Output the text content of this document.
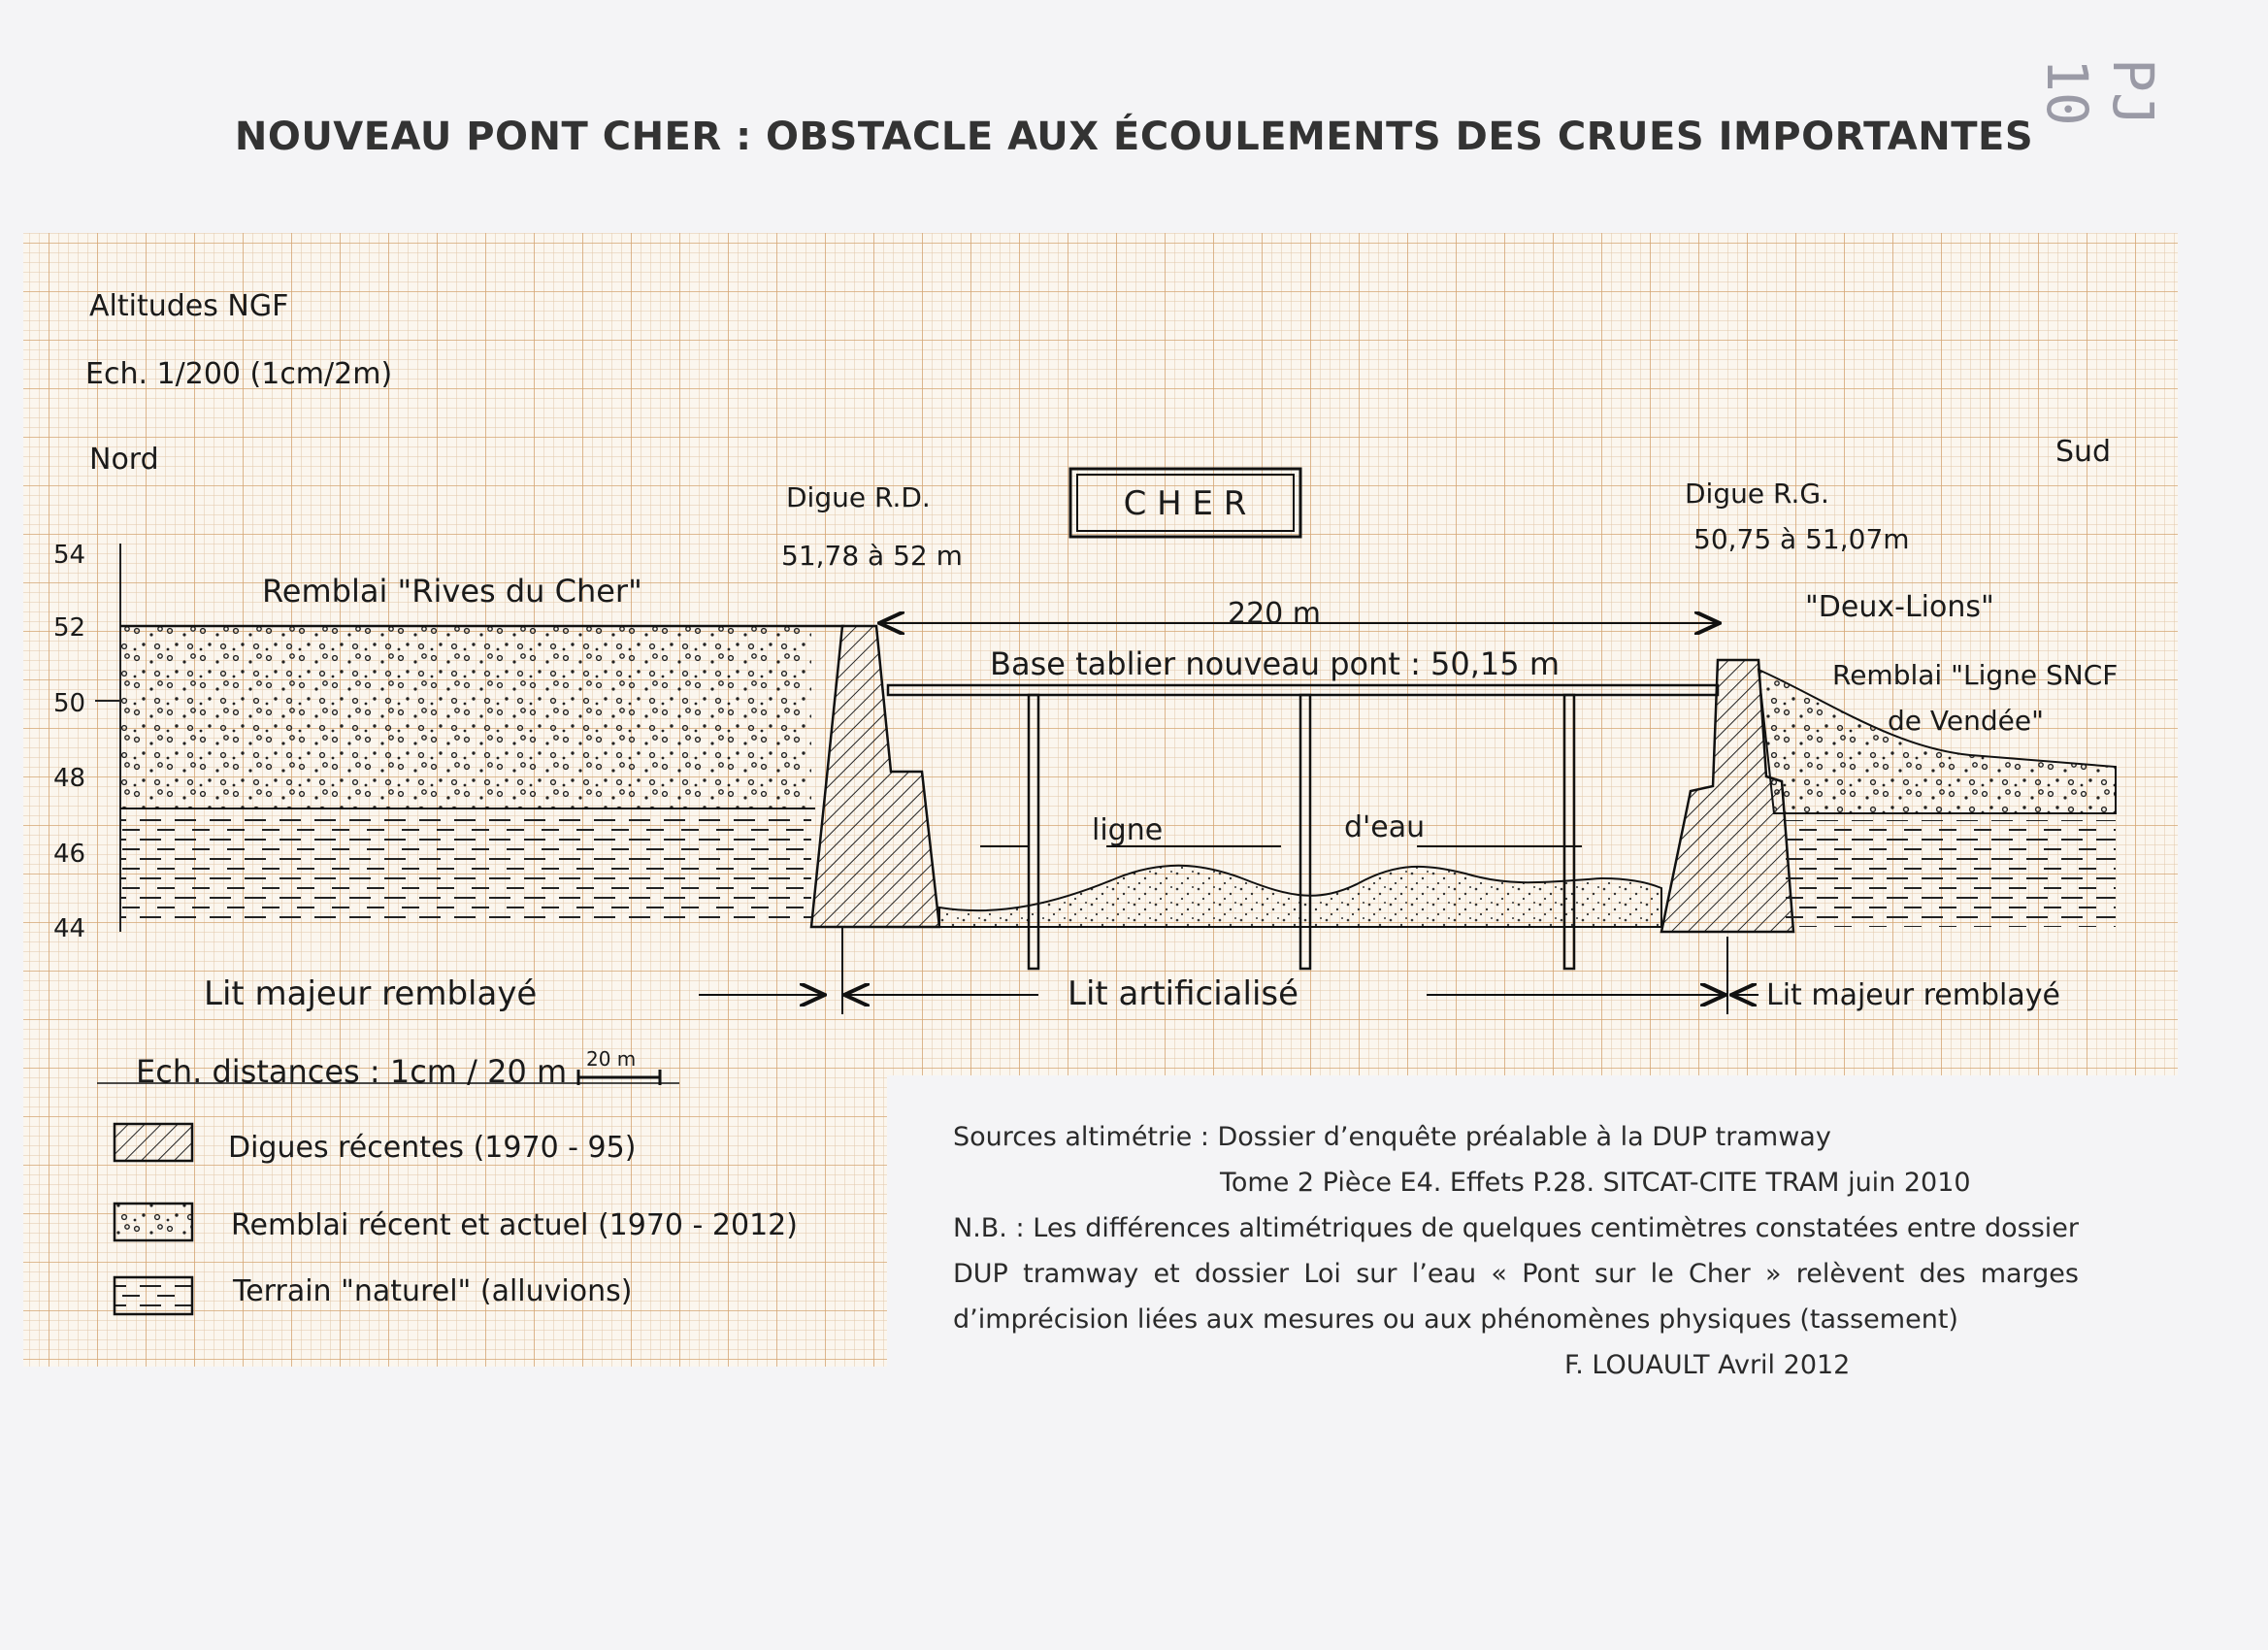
NOUVEAU PONT CHER : OBSTACLE AUX ÉCOULEMENTS DES CRUES IMPORTANTES
PJ 10
Altitudes NGF
Ech. 1/200 (1cm/2m)
Nord	Sud
C H E R
54
52
50
48
46
44
Remblai "Rives du Cher"
Digue R.D.
51,78 à 52 m
Digue R.G.
50,75 à 51,07m
"Deux-Lions"
Remblai "Ligne SNCF
de Vendée"
220 m
Base tablier nouveau pont : 50,15 m
ligne	d'eau
Lit majeur remblayé	Lit artificialisé	Lit majeur remblayé
Ech. distances : 1cm / 20 m 20 m
Digues récentes (1970 - 95)
Remblai récent et actuel (1970 - 2012)
Terrain "naturel" (alluvions)
Sources altimétrie : Dossier d’enquête préalable à la DUP tramway
Tome 2 Pièce E4. Effets P.28. SITCAT-CITE TRAM juin 2010
N.B. : Les différences altimétriques de quelques centimètres constatées entre dossier
DUP tramway et dossier Loi sur l’eau « Pont sur le Cher » relèvent des marges
d’imprécision liées aux mesures ou aux phénomènes physiques (tassement)
F. LOUAULT Avril 2012
